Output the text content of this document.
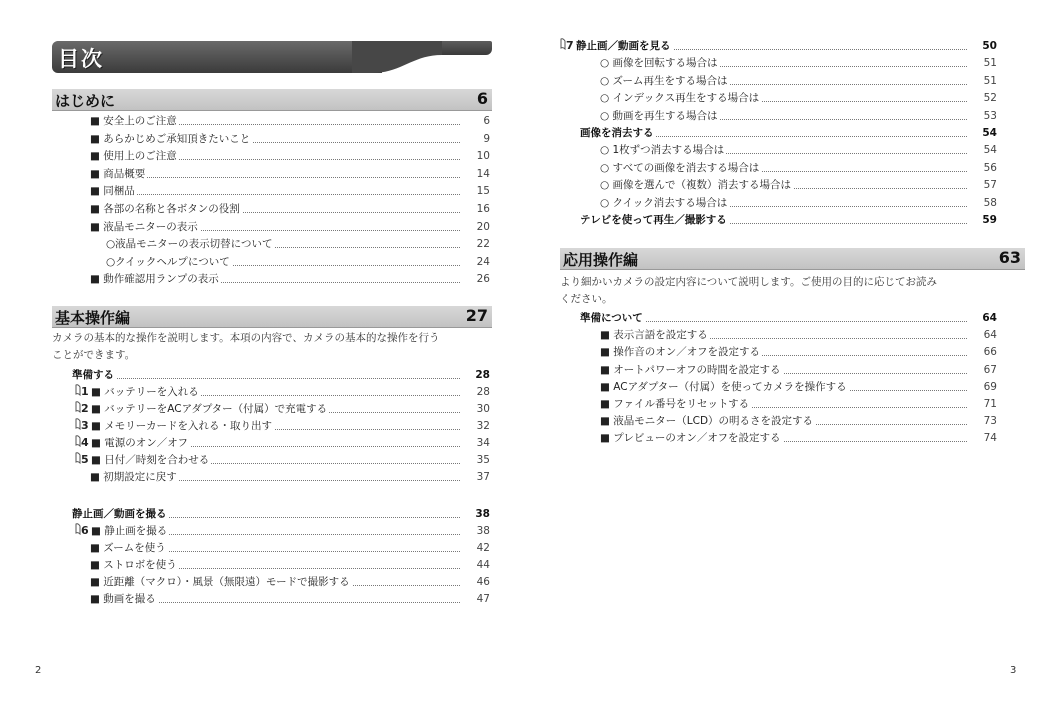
目次
はじめに	6
■ 安全上のご注意	6
■ あらかじめご承知頂きたいこと	9
■ 使用上のご注意	10
■ 商品概要	14
■ 同梱品	15
■ 各部の名称と各ボタンの役割	16
■ 液晶モニターの表示	20
○液晶モニターの表示切替について	22
○クイックヘルプについて	24
■ 動作確認用ランプの表示	26
基本操作編	27
カメラの基本的な操作を説明します。本項の内容で、カメラの基本的な操作を行う
ことができます。
準備する	28
1 ■ バッテリーを入れる	28
2 ■ バッテリーをACアダプター（付属）で充電する	30
3 ■ メモリーカードを入れる・取り出す	32
4 ■ 電源のオン／オフ	34
5 ■ 日付／時刻を合わせる	35
■ 初期設定に戻す	37
静止画／動画を撮る	38
6 ■ 静止画を撮る	38
■ ズームを使う	42
■ ストロボを使う	44
■ 近距離（マクロ）・風景（無限遠）モードで撮影する	46
■ 動画を撮る	47
2
7 静止画／動画を見る	50
○ 画像を回転する場合は	51
○ ズーム再生をする場合は	51
○ インデックス再生をする場合は	52
○ 動画を再生する場合は	53
画像を消去する	54
○ 1枚ずつ消去する場合は	54
○ すべての画像を消去する場合は	56
○ 画像を選んで（複数）消去する場合は	57
○ クイック消去する場合は	58
テレビを使って再生／撮影する	59
応用操作編	63
より細かいカメラの設定内容について説明します。ご使用の目的に応じてお読み
ください。
準備について	64
■ 表示言語を設定する	64
■ 操作音のオン／オフを設定する	66
■ オートパワーオフの時間を設定する	67
■ ACアダプター（付属）を使ってカメラを操作する	69
■ ファイル番号をリセットする	71
■ 液晶モニター（LCD）の明るさを設定する	73
■ プレビューのオン／オフを設定する	74
3
